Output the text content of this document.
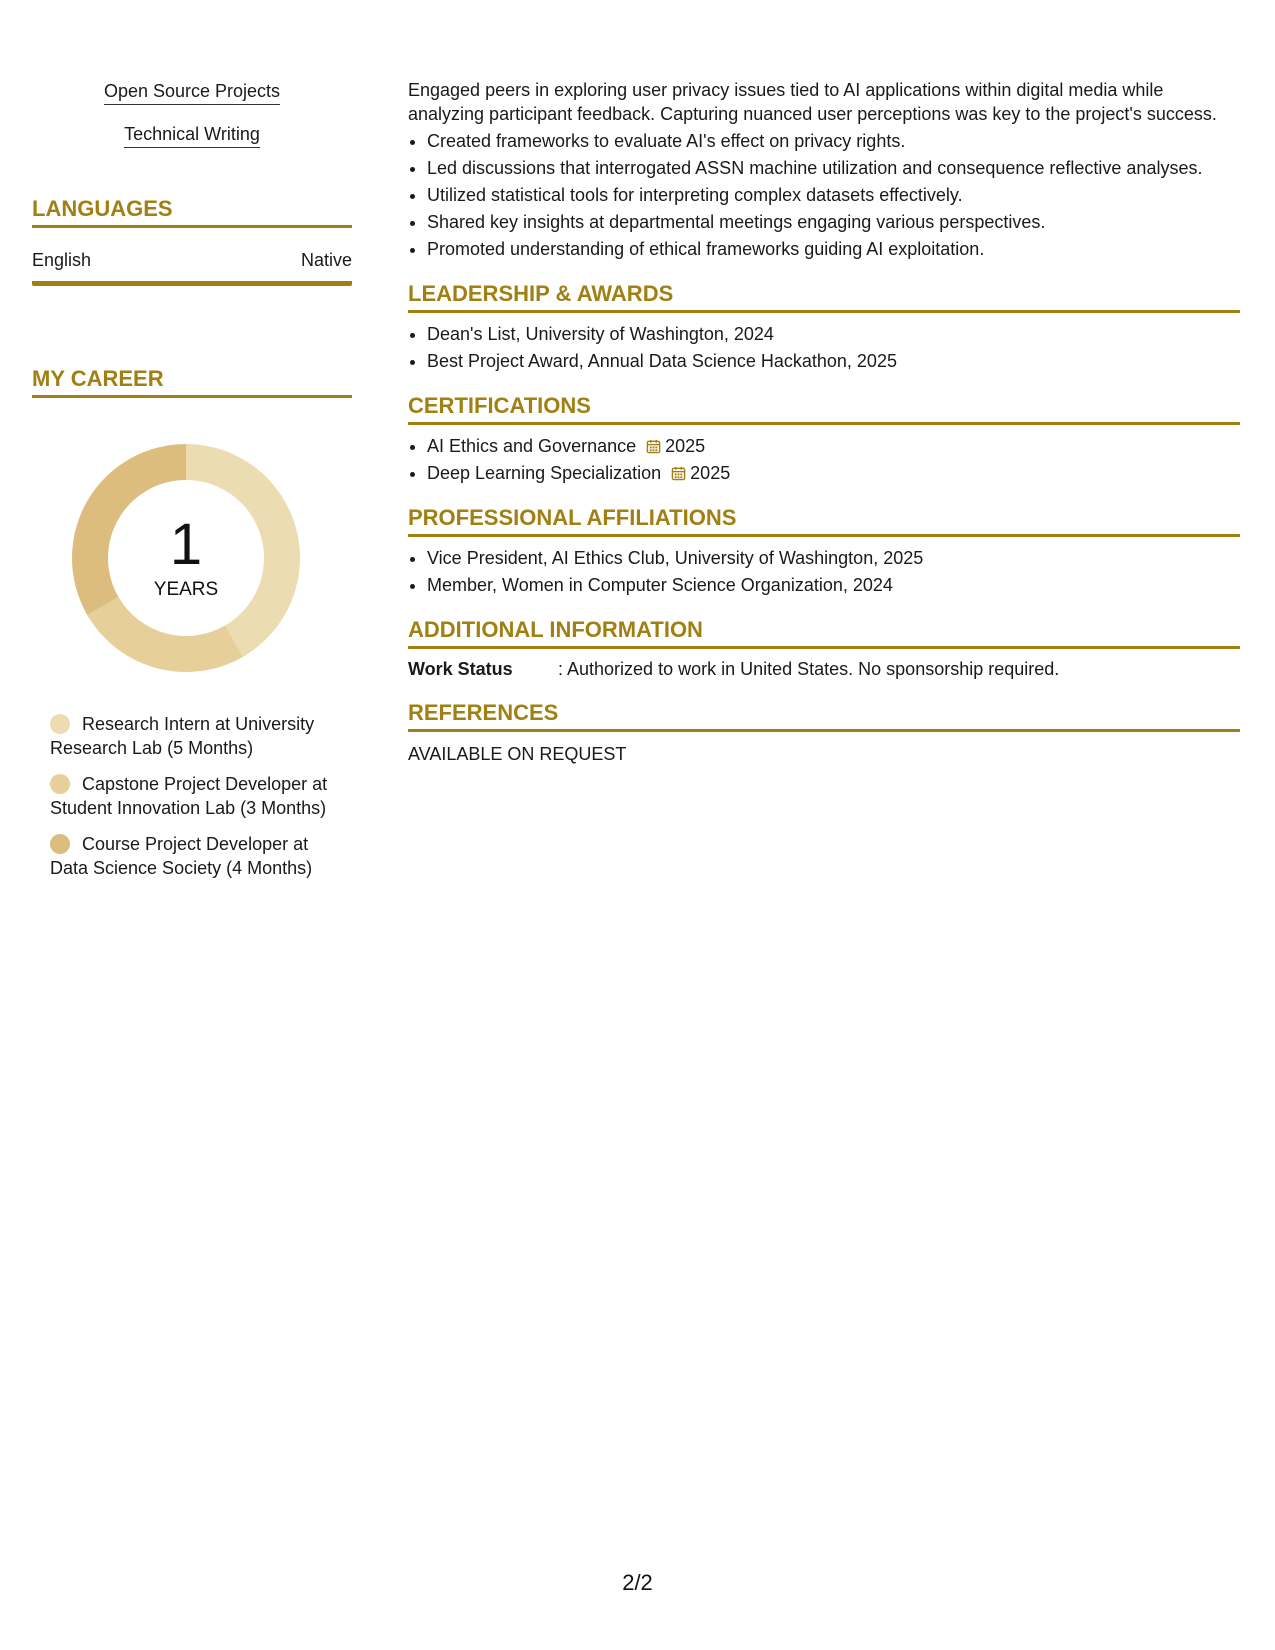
Open Source Projects
Technical Writing
LANGUAGES
English	Native
MY CAREER
1
YEARS
Research Intern at University Research Lab (5 Months)
Capstone Project Developer at Student Innovation Lab (3 Months)
Course Project Developer at Data Science Society (4 Months)

Engaged peers in exploring user privacy issues tied to AI applications within digital media while analyzing participant feedback. Capturing nuanced user perceptions was key to the project's success.

• Created frameworks to evaluate AI's effect on privacy rights.
• Led discussions that interrogated ASSN machine utilization and consequence reflective analyses.
• Utilized statistical tools for interpreting complex datasets effectively.
• Shared key insights at departmental meetings engaging various perspectives.
• Promoted understanding of ethical frameworks guiding AI exploitation.
LEADERSHIP & AWARDS
• Dean's List, University of Washington, 2024
• Best Project Award, Annual Data Science Hackathon, 2025
CERTIFICATIONS
• AI Ethics and Governance 2025
• Deep Learning Specialization 2025
PROFESSIONAL AFFILIATIONS
• Vice President, AI Ethics Club, University of Washington, 2025
• Member, Women in Computer Science Organization, 2024
ADDITIONAL INFORMATION
Work Status	: Authorized to work in United States. No sponsorship required.
REFERENCES
AVAILABLE ON REQUEST
2/2
